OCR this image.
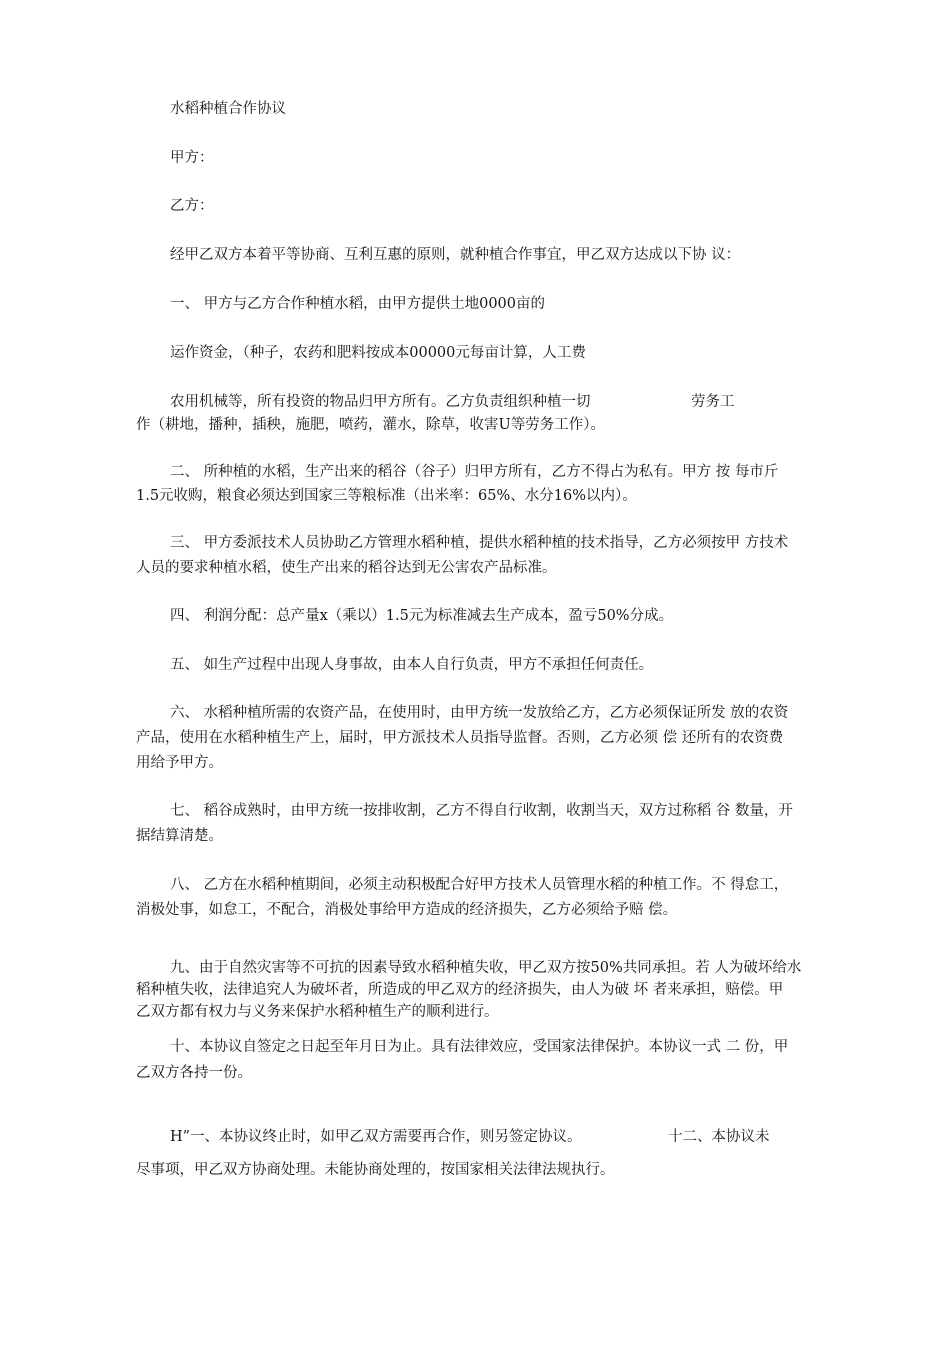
水稻种植合作协议
甲方：
乙方：
经甲乙双方本着平等协商、互利互惠的原则，就种植合作事宜，甲乙双方达成以下协 议：
一、 甲方与乙方合作种植水稻，由甲方提供土地0000亩的
运作资金，（种子，农药和肥料按成本00000元每亩计算，人工费
农用机械等，所有投资的物品归甲方所有。乙方负责组织种植一切	劳务工
作（耕地，播种，插秧，施肥，喷药，灌水，除草，收害U等劳务工作）。
二、 所种植的水稻，生产出来的稻谷（谷子）归甲方所有，乙方不得占为私有。甲方 按 每市斤
1.5元收购，粮食必须达到国家三等粮标准（出米率：65%、水分16%以内）。
三、 甲方委派技术人员协助乙方管理水稻种植，提供水稻种植的技术指导，乙方必须按甲 方技术
人员的要求种植水稻，使生产出来的稻谷达到无公害农产品标准。
四、 利润分配：总产量x（乘以）1.5元为标准减去生产成本，盈亏50%分成。
五、 如生产过程中出现人身事故，由本人自行负责，甲方不承担任何责任。
六、 水稻种植所需的农资产品，在使用时，由甲方统一发放给乙方，乙方必须保证所发 放的农资
产品，使用在水稻种植生产上，届时，甲方派技术人员指导监督。否则，乙方必须 偿 还所有的农资费
用给予甲方。
七、 稻谷成熟时，由甲方统一按排收割，乙方不得自行收割，收割当天，双方过称稻 谷 数量，开
据结算清楚。
八、 乙方在水稻种植期间，必须主动积极配合好甲方技术人员管理水稻的种植工作。不 得怠工，
消极处事，如怠工，不配合，消极处事给甲方造成的经济损失，乙方必须给予赔 偿。
九、由于自然灾害等不可抗的因素导致水稻种植失收，甲乙双方按50%共同承担。若 人为破坏给水
稻种植失收，法律追究人为破坏者，所造成的甲乙双方的经济损失，由人为破 坏 者来承担，赔偿。甲
乙双方都有权力与义务来保护水稻种植生产的顺利进行。
十、本协议自签定之日起至年月日为止。具有法律效应，受国家法律保护。本协议一式 二 份，甲
乙双方各持一份。
H”一、本协议终止时，如甲乙双方需要再合作，则另签定协议。	十二、本协议未
尽事项，甲乙双方协商处理。未能协商处理的，按国家相关法律法规执行。
